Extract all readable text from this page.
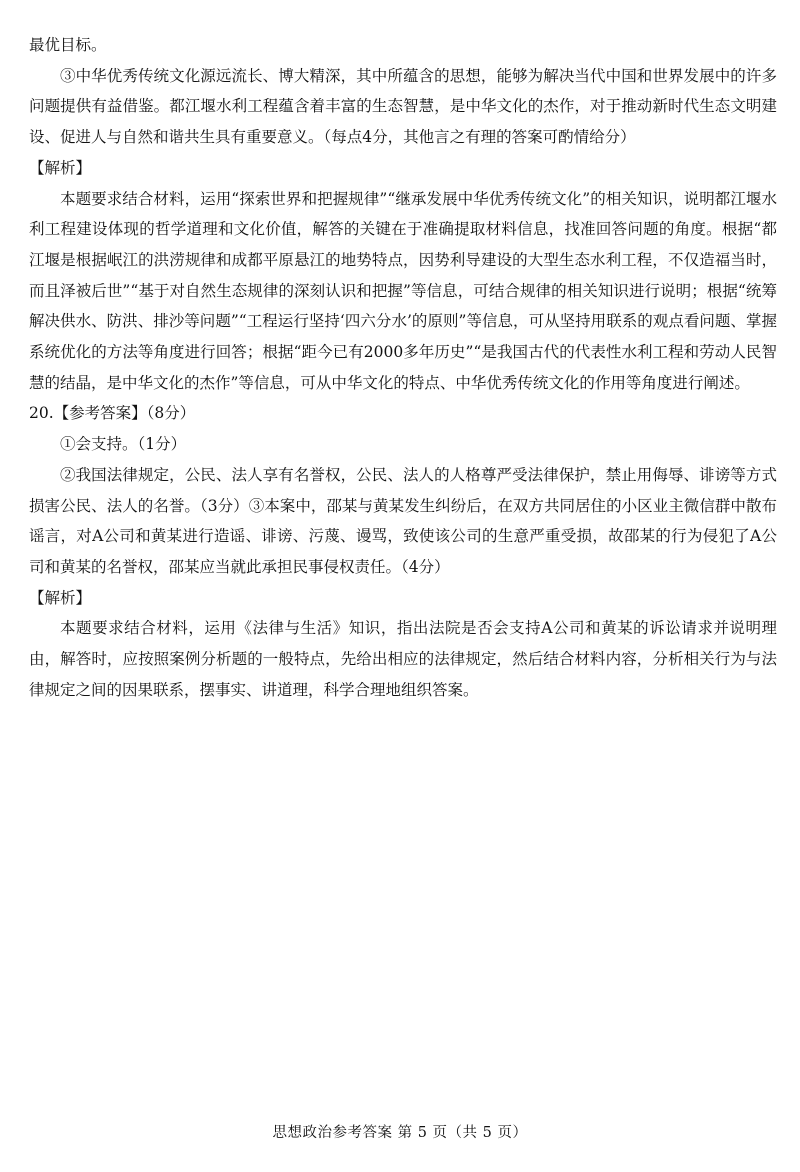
最优目标。

③中华优秀传统文化源远流长、博大精深，其中所蕴含的思想，能够为解决当代中国和世界发展中的许多问题提供有益借鉴。都江堰水利工程蕴含着丰富的生态智慧，是中华文化的杰作，对于推动新时代生态文明建设、促进人与自然和谐共生具有重要意义。（每点4分，其他言之有理的答案可酌情给分）

【解析】

本题要求结合材料，运用“探索世界和把握规律”“继承发展中华优秀传统文化”的相关知识，说明都江堰水利工程建设体现的哲学道理和文化价值，解答的关键在于准确提取材料信息，找准回答问题的角度。根据“都江堰是根据岷江的洪涝规律和成都平原悬江的地势特点，因势利导建设的大型生态水利工程，不仅造福当时，而且泽被后世”“基于对自然生态规律的深刻认识和把握”等信息，可结合规律的相关知识进行说明；根据“统筹解决供水、防洪、排沙等问题”“工程运行坚持‘四六分水’的原则”等信息，可从坚持用联系的观点看问题、掌握系统优化的方法等角度进行回答；根据“距今已有2000多年历史”“是我国古代的代表性水利工程和劳动人民智慧的结晶，是中华文化的杰作”等信息，可从中华文化的特点、中华优秀传统文化的作用等角度进行阐述。

20.【参考答案】（8分）

①会支持。（1分）

②我国法律规定，公民、法人享有名誉权，公民、法人的人格尊严受法律保护，禁止用侮辱、诽谤等方式损害公民、法人的名誉。（3分）③本案中，邵某与黄某发生纠纷后，在双方共同居住的小区业主微信群中散布谣言，对A公司和黄某进行造谣、诽谤、污蔑、谩骂，致使该公司的生意严重受损，故邵某的行为侵犯了A公司和黄某的名誉权，邵某应当就此承担民事侵权责任。（4分）

【解析】

本题要求结合材料，运用《法律与生活》知识，指出法院是否会支持A公司和黄某的诉讼请求并说明理由，解答时，应按照案例分析题的一般特点，先给出相应的法律规定，然后结合材料内容，分析相关行为与法律规定之间的因果联系，摆事实、讲道理，科学合理地组织答案。

思想政治参考答案 第 5 页（共 5 页）
